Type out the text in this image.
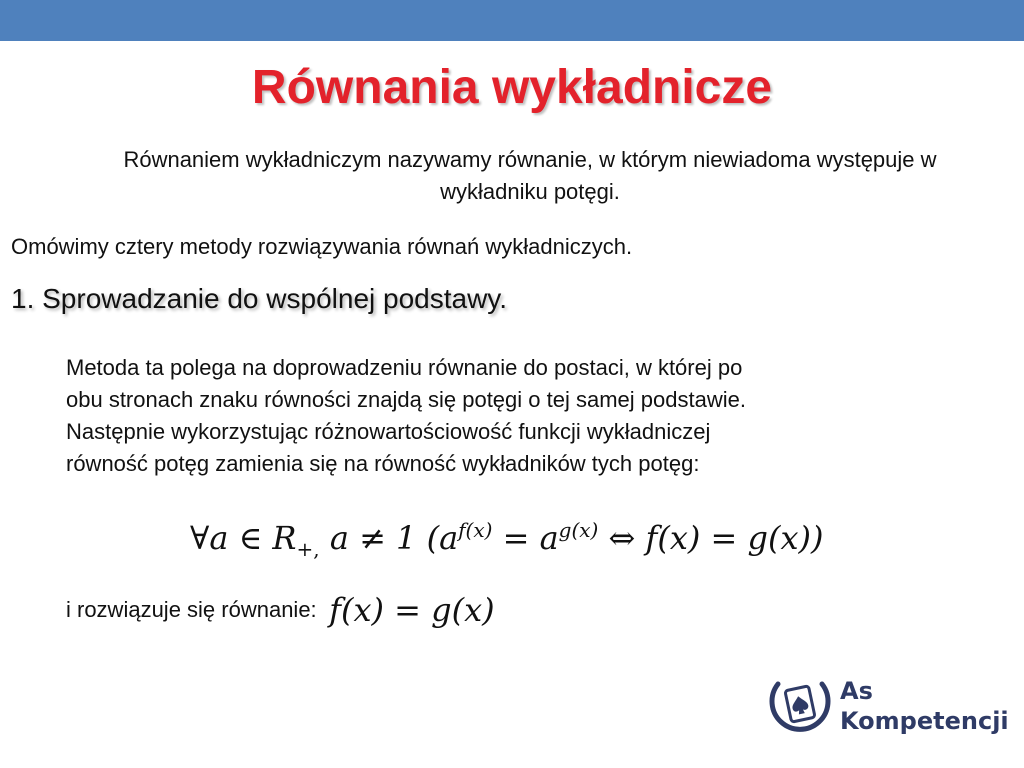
Równania wykładnicze
Równaniem wykładniczym nazywamy równanie, w którym niewiadoma występuje w wykładniku potęgi.
Omówimy cztery metody rozwiązywania równań wykładniczych.
1. Sprowadzanie do wspólnej podstawy.
Metoda ta polega na doprowadzeniu równanie do postaci, w której po
obu stronach znaku równości znajdą się potęgi o tej samej podstawie.
Następnie wykorzystując różnowartościowość funkcji wykładniczej
równość potęg zamienia się na równość wykładników tych potęg:
∀a ∈ R+, a ≠ 1 (af(x) = ag(x) ⇔ f(x) = g(x))
i rozwiązuje się równanie: f(x) = g(x)
As
Kompetencji
